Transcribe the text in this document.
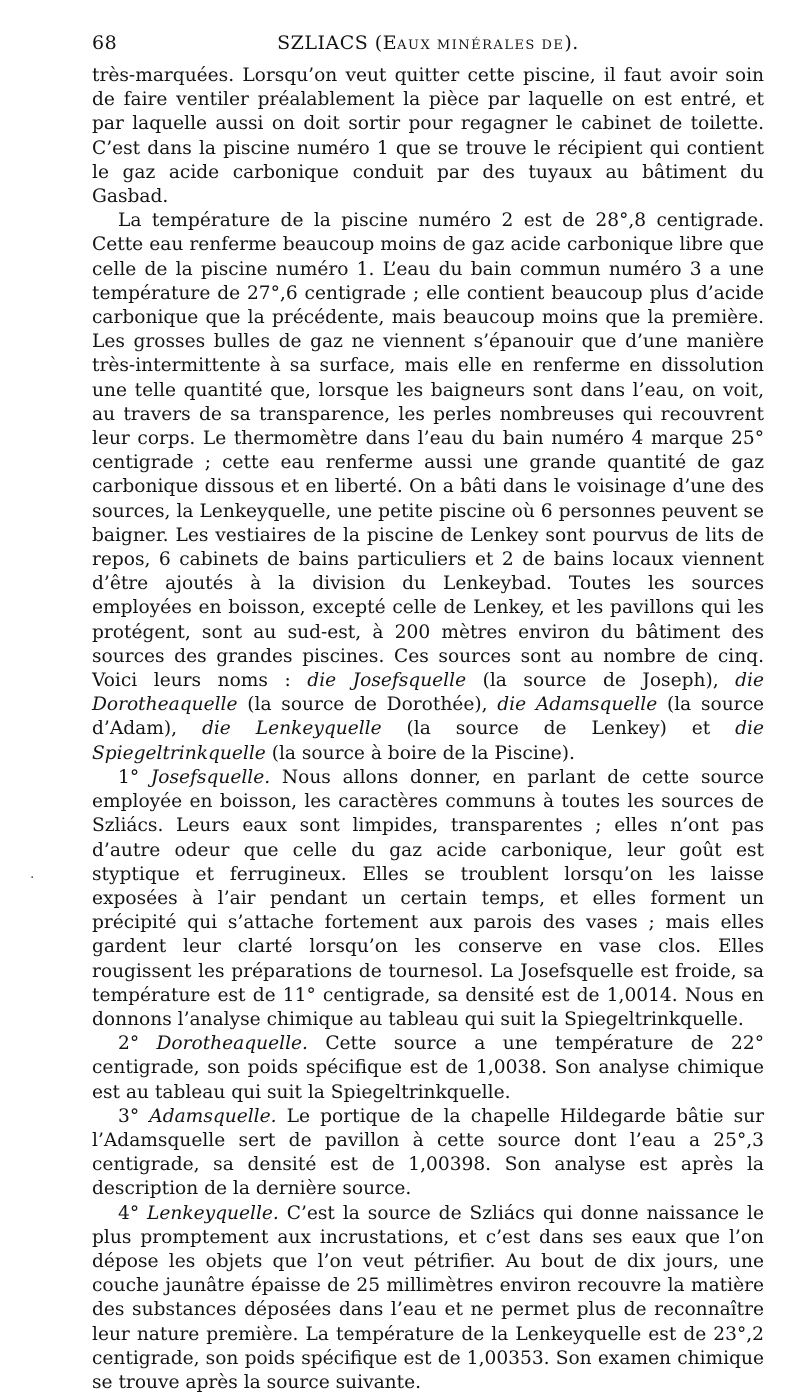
68	SZLIACS (EAUX MINÉRALES DE).

très-marquées. Lorsqu’on veut quitter cette piscine, il faut avoir soin de faire ventiler préalablement la pièce par laquelle on est entré, et par laquelle aussi on doit sortir pour regagner le cabinet de toilette. C’est dans la piscine numéro 1 que se trouve le récipient qui contient le gaz acide carbonique conduit par des tuyaux au bâtiment du Gasbad.

La température de la piscine numéro 2 est de 28°,8 centigrade. Cette eau renferme beaucoup moins de gaz acide carbonique libre que celle de la piscine numéro 1. L’eau du bain commun numéro 3 a une température de 27°,6 centigrade ; elle contient beaucoup plus d’acide carbonique que la précédente, mais beaucoup moins que la première. Les grosses bulles de gaz ne viennent s’épanouir que d’une manière très-intermittente à sa surface, mais elle en renferme en dissolution une telle quantité que, lorsque les baigneurs sont dans l’eau, on voit, au travers de sa transparence, les perles nombreuses qui recouvrent leur corps. Le thermomètre dans l’eau du bain numéro 4 marque 25° centigrade ; cette eau renferme aussi une grande quantité de gaz carbonique dissous et en liberté. On a bâti dans le voisinage d’une des sources, la Lenkeyquelle, une petite piscine où 6 personnes peuvent se baigner. Les vestiaires de la piscine de Lenkey sont pourvus de lits de repos, 6 cabinets de bains particuliers et 2 de bains locaux viennent d’être ajoutés à la division du Lenkeybad. Toutes les sources employées en boisson, excepté celle de Lenkey, et les pavillons qui les protégent, sont au sud-est, à 200 mètres environ du bâtiment des sources des grandes piscines. Ces sources sont au nombre de cinq. Voici leurs noms : die Josefsquelle (la source de Joseph), die Dorotheaquelle (la source de Dorothée), die Adamsquelle (la source d’Adam), die Lenkeyquelle (la source de Lenkey) et die Spiegeltrinkquelle (la source à boire de la Piscine).

1° Josefsquelle. Nous allons donner, en parlant de cette source employée en boisson, les caractères communs à toutes les sources de Szliács. Leurs eaux sont limpides, transparentes ; elles n’ont pas d’autre odeur que celle du gaz acide carbonique, leur goût est styptique et ferrugineux. Elles se troublent lorsqu’on les laisse exposées à l’air pendant un certain temps, et elles forment un précipité qui s’attache fortement aux parois des vases ; mais elles gardent leur clarté lorsqu’on les conserve en vase clos. Elles rougissent les préparations de tournesol. La Josefsquelle est froide, sa température est de 11° centigrade, sa densité est de 1,0014. Nous en donnons l’analyse chimique au tableau qui suit la Spiegeltrinkquelle.

2° Dorotheaquelle. Cette source a une température de 22° centigrade, son poids spécifique est de 1,0038. Son analyse chimique est au tableau qui suit la Spiegeltrinkquelle.

3° Adamsquelle. Le portique de la chapelle Hildegarde bâtie sur l’Adamsquelle sert de pavillon à cette source dont l’eau a 25°,3 centigrade, sa densité est de 1,00398. Son analyse est après la description de la dernière source.

4° Lenkeyquelle. C’est la source de Szliács qui donne naissance le plus promptement aux incrustations, et c’est dans ses eaux que l’on dépose les objets que l’on veut pétrifier. Au bout de dix jours, une couche jaunâtre épaisse de 25 millimètres environ recouvre la matière des substances déposées dans l’eau et ne permet plus de reconnaître leur nature première. La température de la Lenkeyquelle est de 23°,2 centigrade, son poids spécifique est de 1,00353. Son examen chimique se trouve après la source suivante.

·
